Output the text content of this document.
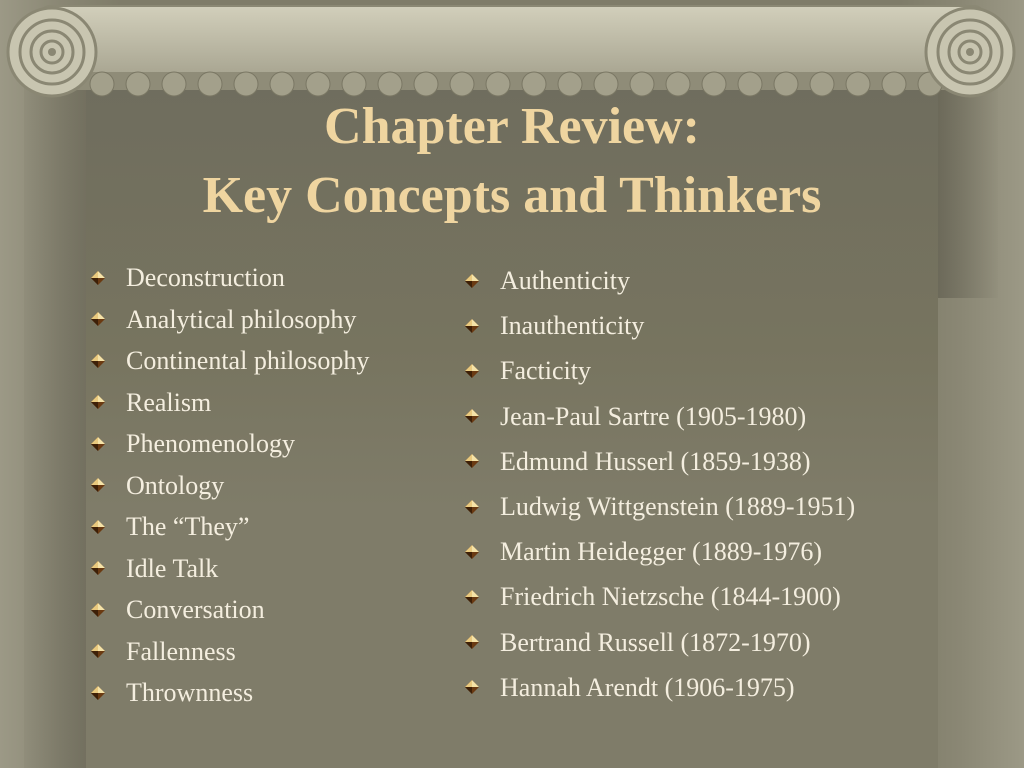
Chapter Review:
Key Concepts and Thinkers
Deconstruction
Analytical philosophy
Continental philosophy
Realism
Phenomenology
Ontology
The “They”
Idle Talk
Conversation
Fallenness
Thrownness
Authenticity
Inauthenticity
Facticity
Jean-Paul Sartre (1905-1980)
Edmund Husserl (1859-1938)
Ludwig Wittgenstein (1889-1951)
Martin Heidegger (1889-1976)
Friedrich Nietzsche (1844-1900)
Bertrand Russell (1872-1970)
Hannah Arendt (1906-1975)
